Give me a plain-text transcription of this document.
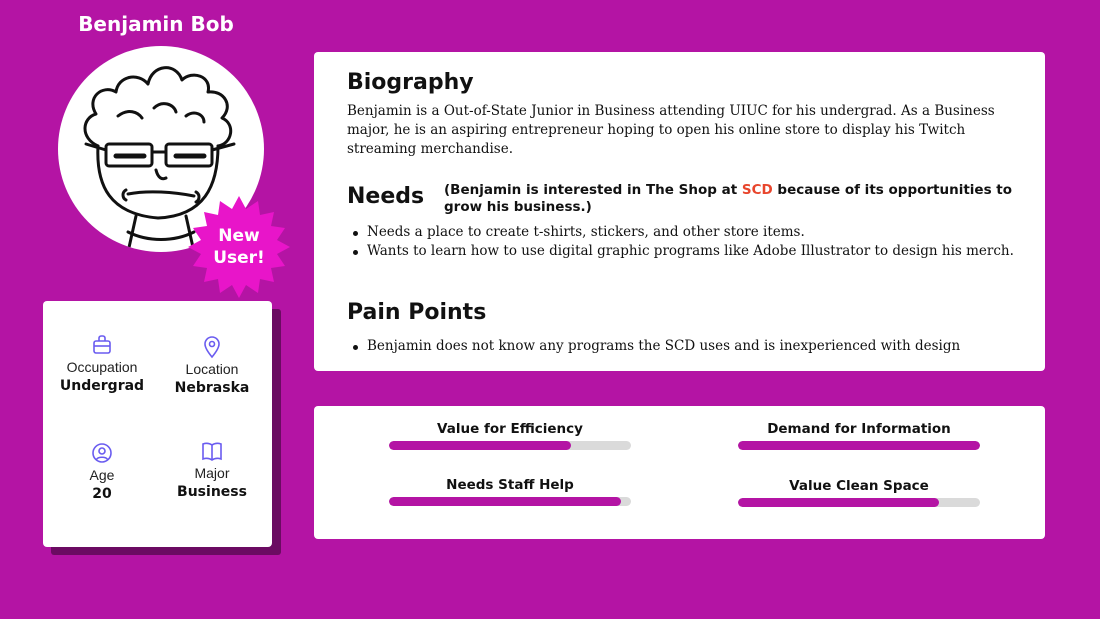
Benjamin Bob
New
User!
Occupation
Undergrad
Location
Nebraska
Age
20
Major
Business
Biography

Benjamin is a Out-of-State Junior in Business attending UIUC for his undergrad. As a Business major, he is an aspiring entrepreneur hoping to open his online store to display his Twitch streaming merchandise.

Needs (Benjamin is interested in The Shop at SCD because of its opportunities to grow his business.)
Needs a place to create t-shirts, stickers, and other store items.
Wants to learn how to use digital graphic programs like Adobe Illustrator to design his merch.
Pain Points
Benjamin does not know any programs the SCD uses and is inexperienced with design
Value for Efficiency	Demand for Information
Needs Staff Help	Value Clean Space
